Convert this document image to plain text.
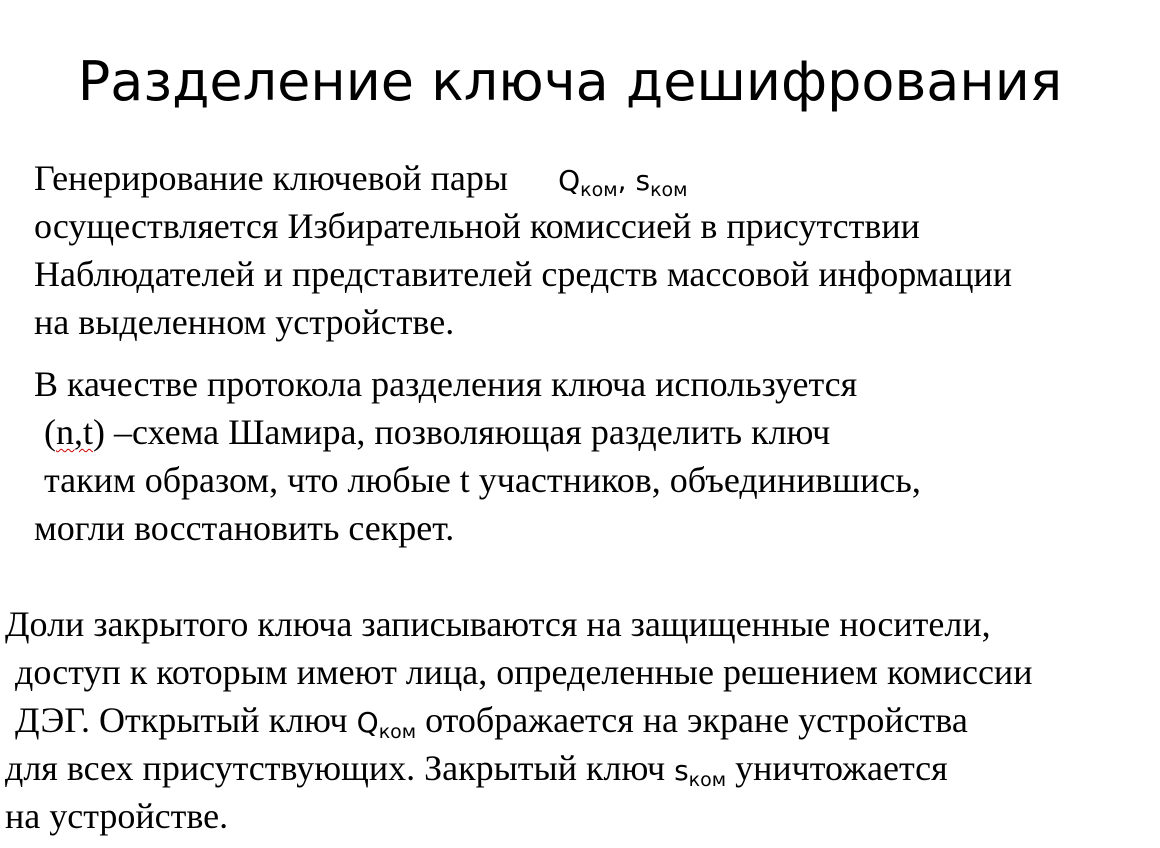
Разделение ключа дешифрования
Генерирование ключевой пары $Q_{ком}$, $s_{ком}$
осуществляется Избирательной комиссией в присутствии
Наблюдателей и представителей средств массовой информации
на выделенном устройстве.
В качестве протокола разделения ключа используется
(n,t) –схема Шамира, позволяющая разделить ключ
таким образом, что любые t участников, объединившись,
могли восстановить секрет.
Доли закрытого ключа записываются на защищенные носители,
доступ к которым имеют лица, определенные решением комиссии
ДЭГ. Открытый ключ $Q_{ком}$ отображается на экране устройства
для всех присутствующих. Закрытый ключ $s_{ком}$ уничтожается
на устройстве.
